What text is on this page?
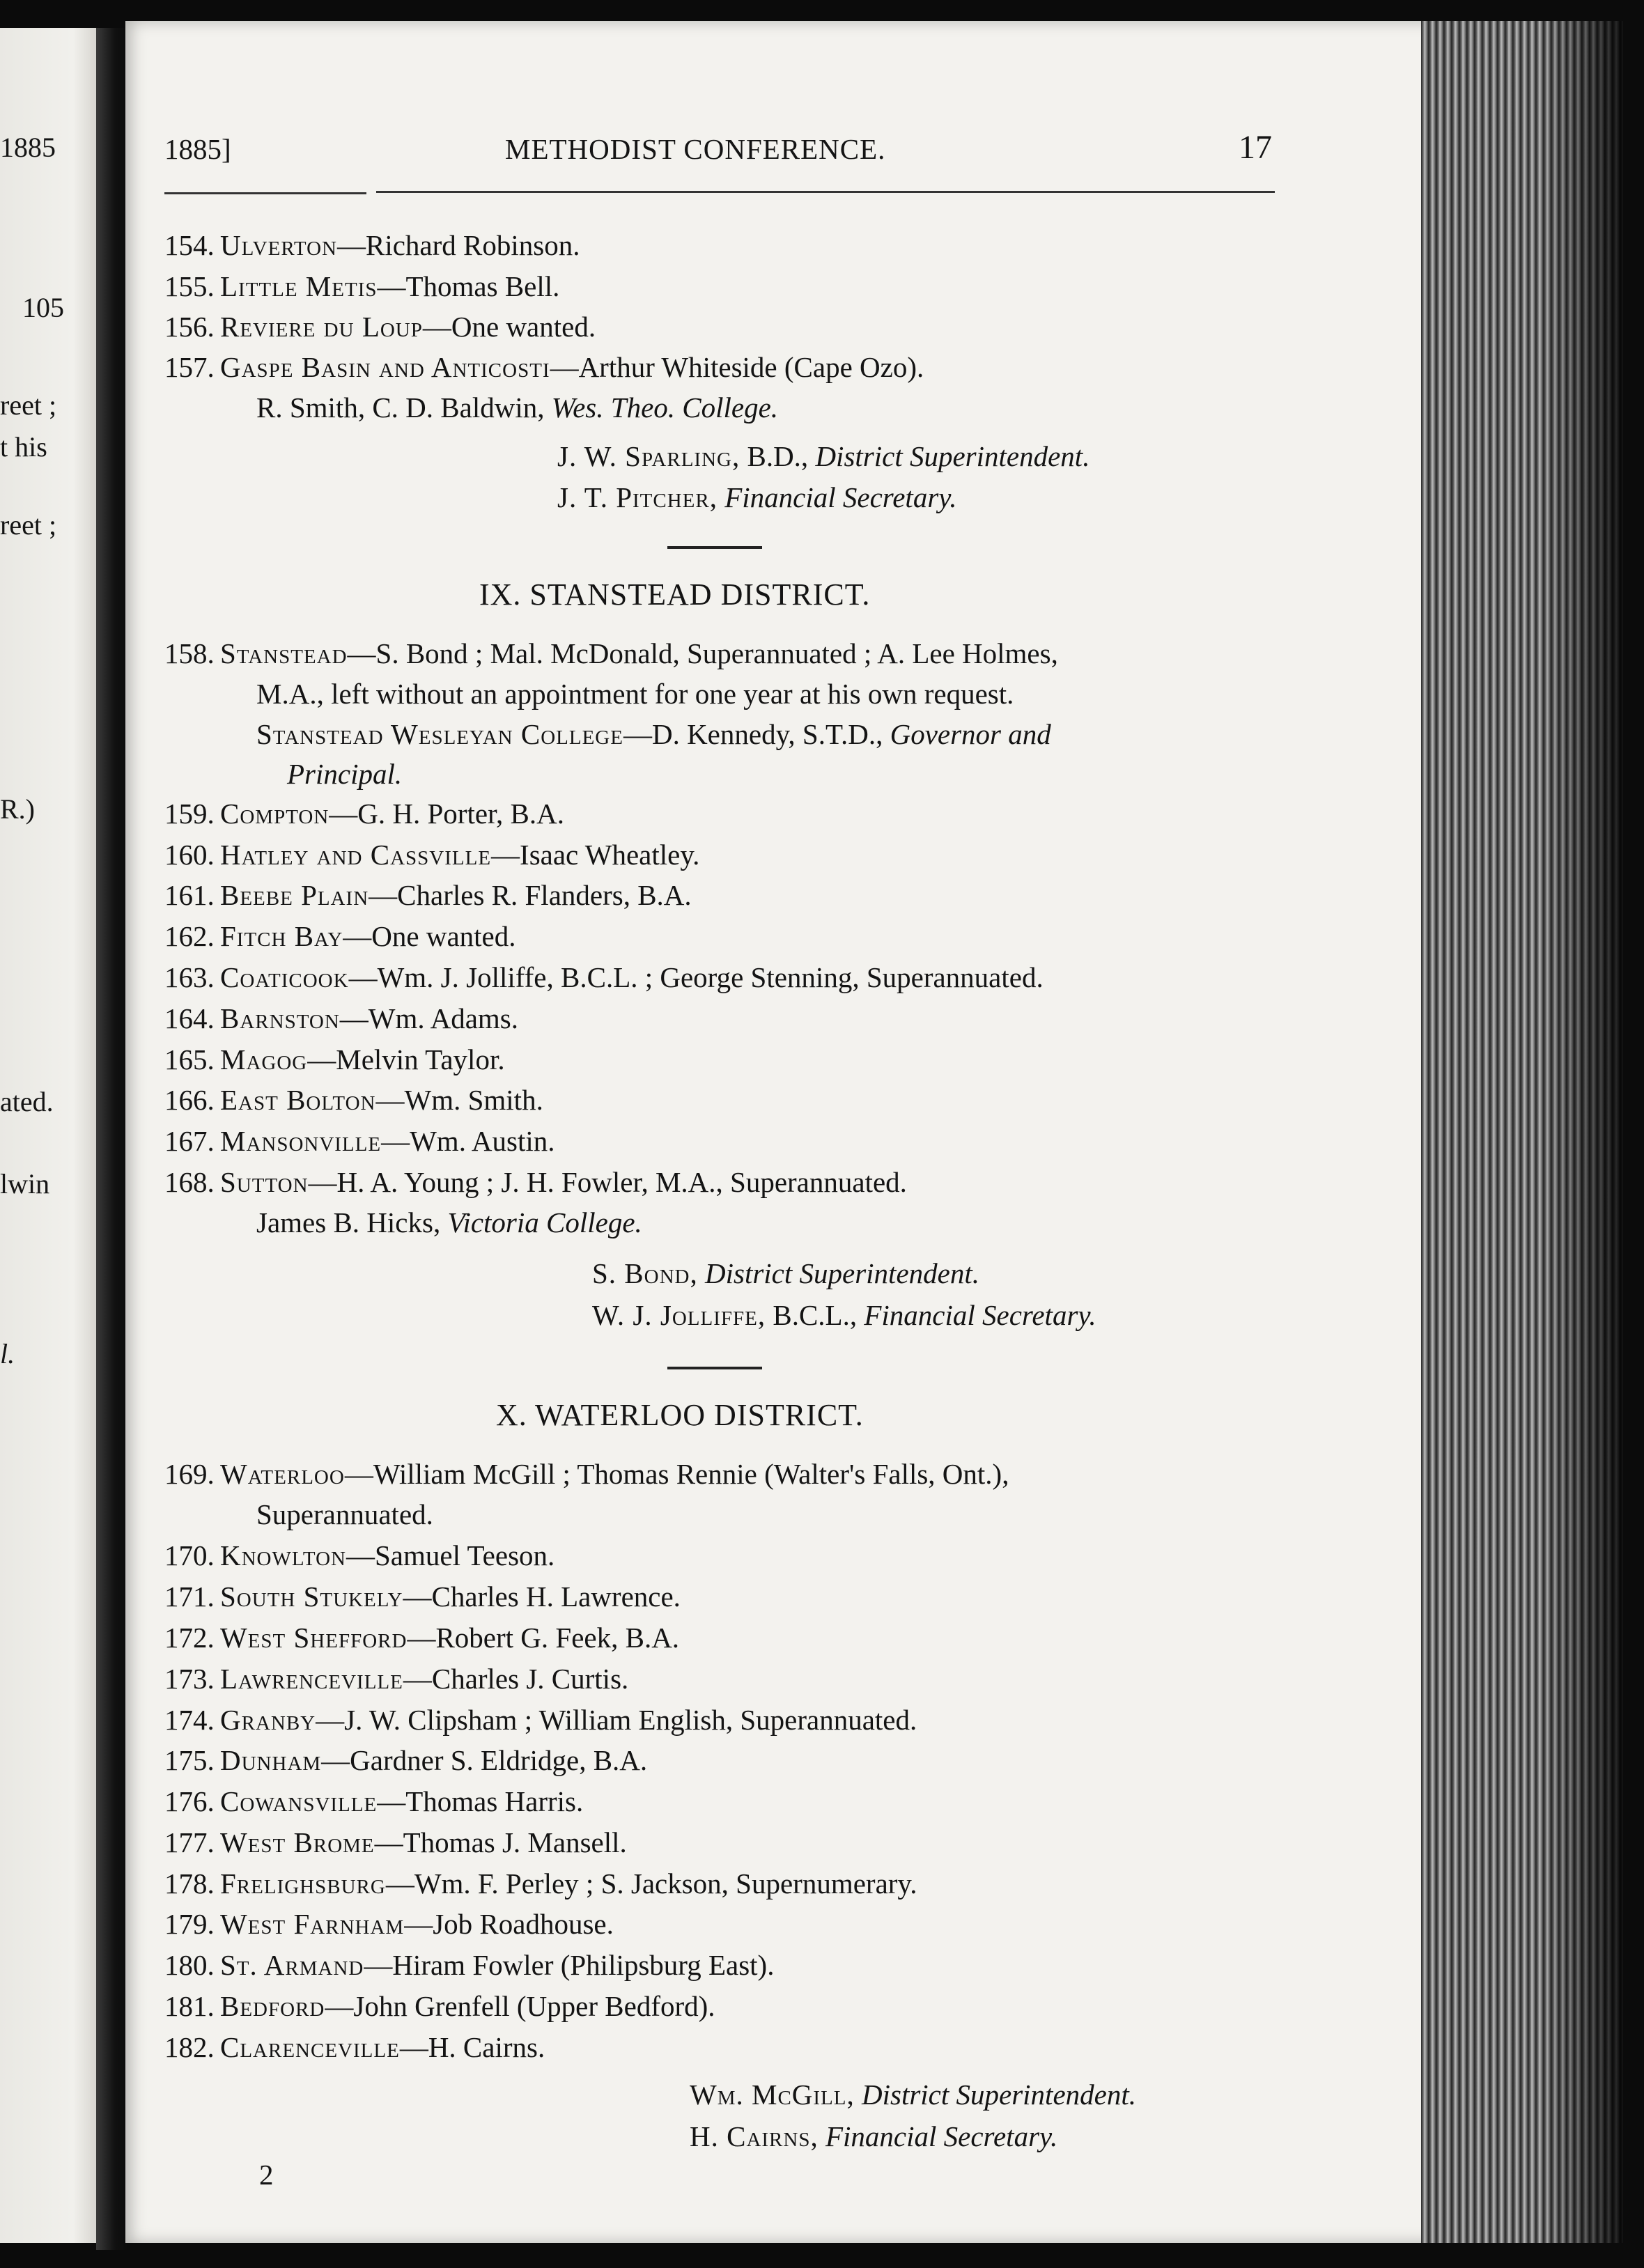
1885
105
reet ;
t his
reet ;
R.)
ated.
lwin
l.
1885]	METHODIST CONFERENCE.	17
154. Ulverton—Richard Robinson.
155. Little Metis—Thomas Bell.
156. Reviere du Loup—One wanted.
157. Gaspe Basin and Anticosti—Arthur Whiteside (Cape Ozo).
R. Smith, C. D. Baldwin, Wes. Theo. College.
J. W. Sparling, B.D., District Superintendent.
J. T. Pitcher, Financial Secretary.
IX. STANSTEAD DISTRICT.
158. Stanstead—S. Bond ; Mal. McDonald, Superannuated ; A. Lee Holmes,
M.A., left without an appointment for one year at his own request.
Stanstead Wesleyan College—D. Kennedy, S.T.D., Governor and
Principal.
159. Compton—G. H. Porter, B.A.
160. Hatley and Cassville—Isaac Wheatley.
161. Beebe Plain—Charles R. Flanders, B.A.
162. Fitch Bay—One wanted.
163. Coaticook—Wm. J. Jolliffe, B.C.L. ; George Stenning, Superannuated.
164. Barnston—Wm. Adams.
165. Magog—Melvin Taylor.
166. East Bolton—Wm. Smith.
167. Mansonville—Wm. Austin.
168. Sutton—H. A. Young ; J. H. Fowler, M.A., Superannuated.
James B. Hicks, Victoria College.
S. Bond, District Superintendent.
W. J. Jolliffe, B.C.L., Financial Secretary.
X. WATERLOO DISTRICT.
169. Waterloo—William McGill ; Thomas Rennie (Walter's Falls, Ont.),
Superannuated.
170. Knowlton—Samuel Teeson.
171. South Stukely—Charles H. Lawrence.
172. West Shefford—Robert G. Feek, B.A.
173. Lawrenceville—Charles J. Curtis.
174. Granby—J. W. Clipsham ; William English, Superannuated.
175. Dunham—Gardner S. Eldridge, B.A.
176. Cowansville—Thomas Harris.
177. West Brome—Thomas J. Mansell.
178. Frelighsburg—Wm. F. Perley ; S. Jackson, Supernumerary.
179. West Farnham—Job Roadhouse.
180. St. Armand—Hiram Fowler (Philipsburg East).
181. Bedford—John Grenfell (Upper Bedford).
182. Clarenceville—H. Cairns.
Wm. McGill, District Superintendent.
H. Cairns, Financial Secretary.
2
